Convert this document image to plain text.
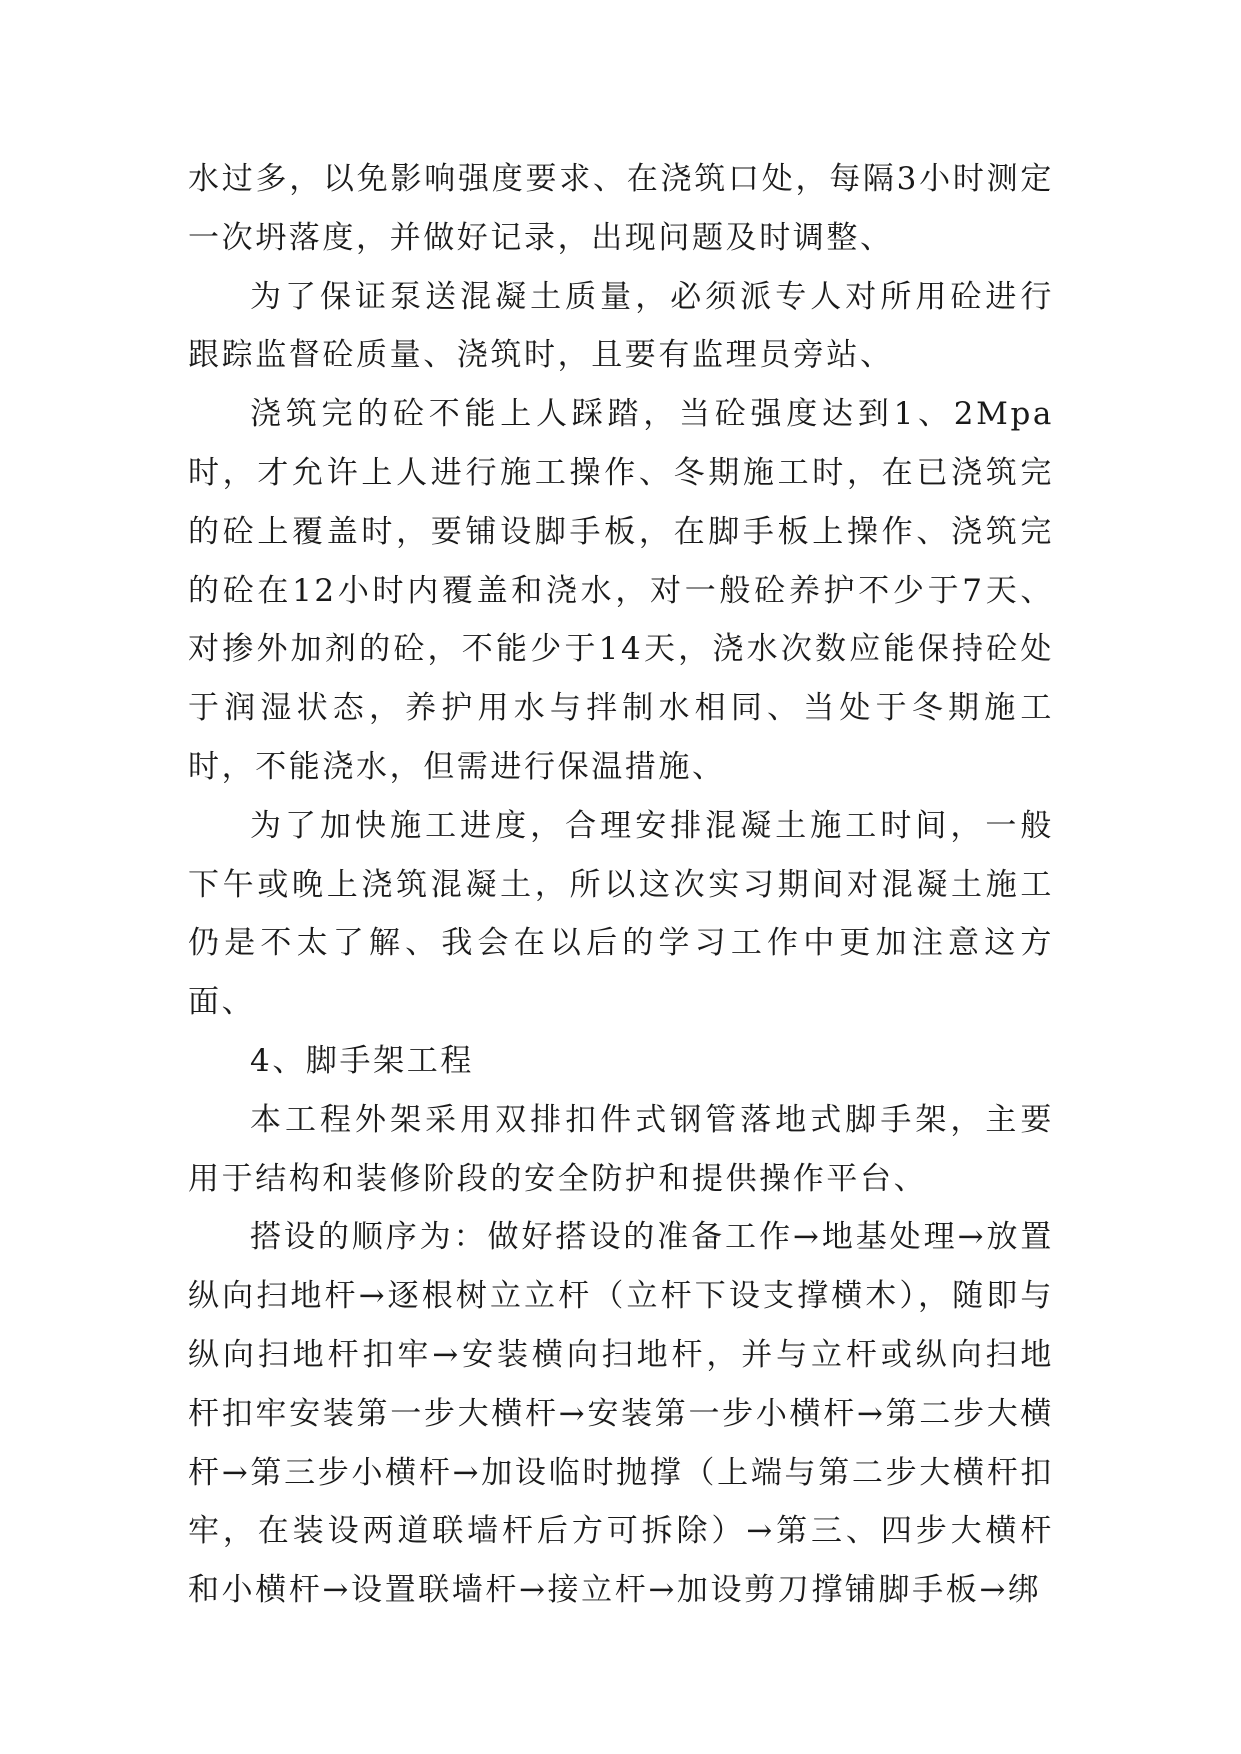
水过多，以免影响强度要求、在浇筑口处，每隔3小时测定一次坍落度，并做好记录，出现问题及时调整、

为了保证泵送混凝土质量，必须派专人对所用砼进行跟踪监督砼质量、浇筑时，且要有监理员旁站、

浇筑完的砼不能上人踩踏，当砼强度达到1、2Mpa时，才允许上人进行施工操作、冬期施工时，在已浇筑完的砼上覆盖时，要铺设脚手板，在脚手板上操作、浇筑完的砼在12小时内覆盖和浇水，对一般砼养护不少于7天、对掺外加剂的砼，不能少于14天，浇水次数应能保持砼处于润湿状态，养护用水与拌制水相同、当处于冬期施工时，不能浇水，但需进行保温措施、

为了加快施工进度，合理安排混凝土施工时间，一般下午或晚上浇筑混凝土，所以这次实习期间对混凝土施工仍是不太了解、我会在以后的学习工作中更加注意这方面、

4、脚手架工程

本工程外架采用双排扣件式钢管落地式脚手架，主要用于结构和装修阶段的安全防护和提供操作平台、

搭设的顺序为：做好搭设的准备工作→地基处理→放置纵向扫地杆→逐根树立立杆（立杆下设支撑横木），随即与纵向扫地杆扣牢→安装横向扫地杆，并与立杆或纵向扫地杆扣牢安装第一步大横杆→安装第一步小横杆→第二步大横杆→第三步小横杆→加设临时抛撑（上端与第二步大横杆扣牢，在装设两道联墙杆后方可拆除）→第三、四步大横杆和小横杆→设置联墙杆→接立杆→加设剪刀撑铺脚手板→绑
